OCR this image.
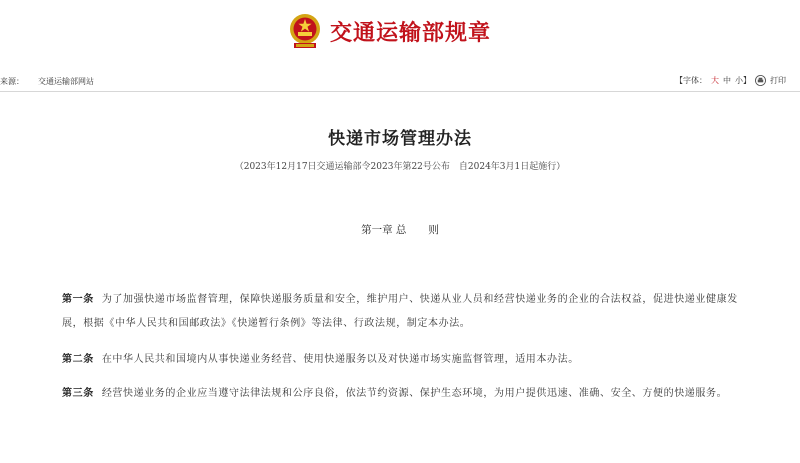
交通运输部规章
来源： 交通运输部网站	【字体： 大 中 小】 打印
快递市场管理办法
（2023年12月17日交通运输部令2023年第22号公布　自2024年3月1日起施行）
第一章 总 则
第一条 为了加强快递市场监督管理，保障快递服务质量和安全，维护用户、快递从业人员和经营快递业务的企业的合法权益，促进快递业健康发展，根据《中华人民共和国邮政法》《快递暂行条例》等法律、行政法规，制定本办法。
第二条 在中华人民共和国境内从事快递业务经营、使用快递服务以及对快递市场实施监督管理，适用本办法。
第三条 经营快递业务的企业应当遵守法律法规和公序良俗，依法节约资源、保护生态环境，为用户提供迅速、准确、安全、方便的快递服务。
